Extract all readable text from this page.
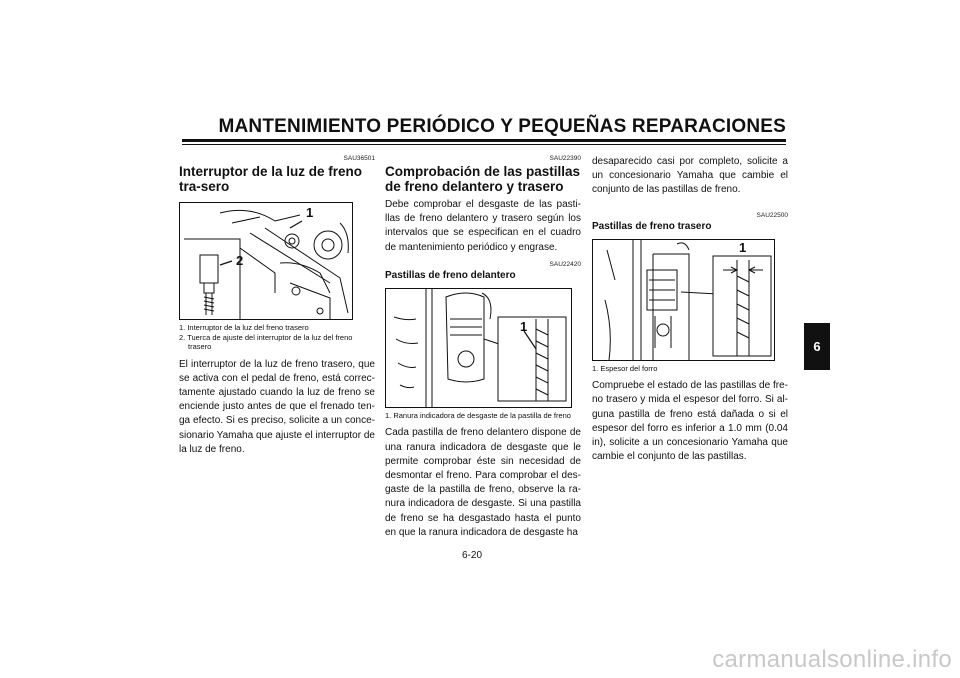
MANTENIMIENTO PERIÓDICO Y PEQUEÑAS REPARACIONES
SAU36501
Interruptor de la luz de freno tra-sero
1
2
1. Interruptor de la luz del freno trasero
2. Tuerca de ajuste del interruptor de la luz del freno trasero

El interruptor de la luz de freno trasero, que se activa con el pedal de freno, está correc-tamente ajustado cuando la luz de freno se enciende justo antes de que el frenado ten-ga efecto. Si es preciso, solicite a un conce-sionario Yamaha que ajuste el interruptor de la luz de freno.

SAU22390
Comprobación de las pastillas de freno delantero y trasero

Debe comprobar el desgaste de las pasti-llas de freno delantero y trasero según los intervalos que se especifican en el cuadro de mantenimiento periódico y engrase.

SAU22420
Pastillas de freno delantero
1
1. Ranura indicadora de desgaste de la pastilla de freno

Cada pastilla de freno delantero dispone de una ranura indicadora de desgaste que le permite comprobar éste sin necesidad de desmontar el freno. Para comprobar el des-gaste de la pastilla de freno, observe la ra-nura indicadora de desgaste. Si una pastilla de freno se ha desgastado hasta el punto en que la ranura indicadora de desgaste ha

desaparecido casi por completo, solicite a un concesionario Yamaha que cambie el conjunto de las pastillas de freno.

SAU22500
Pastillas de freno trasero
1
1. Espesor del forro

Compruebe el estado de las pastillas de fre-no trasero y mida el espesor del forro. Si al-guna pastilla de freno está dañada o si el espesor del forro es inferior a 1.0 mm (0.04 in), solicite a un concesionario Yamaha que cambie el conjunto de las pastillas.

6
6-20
carmanualsonline.info
